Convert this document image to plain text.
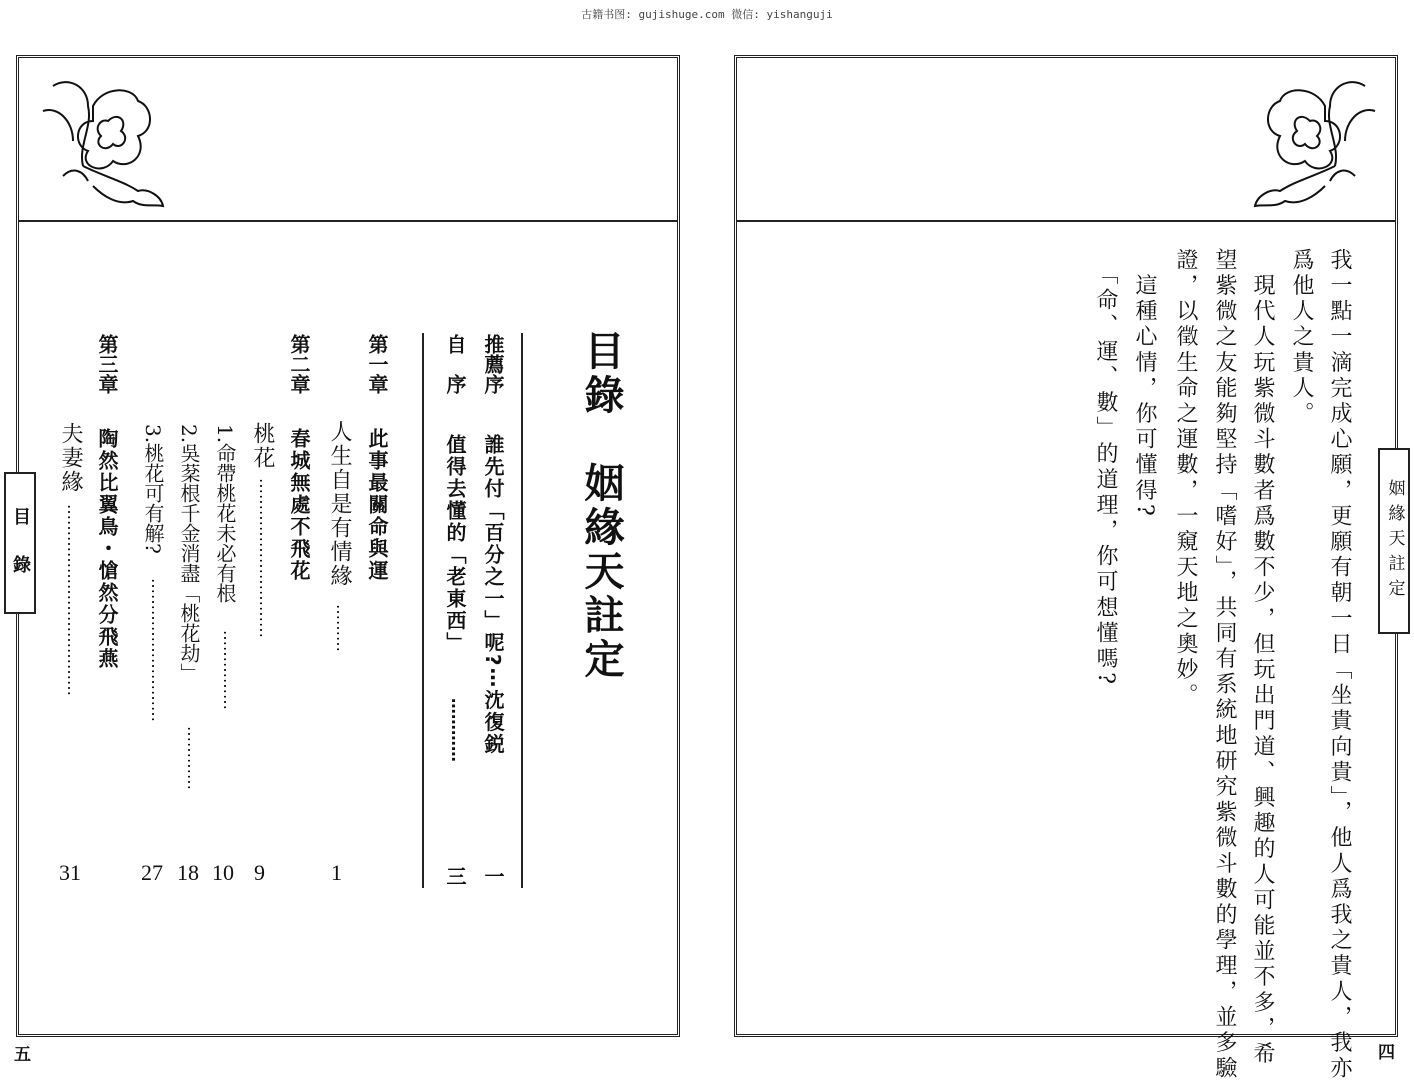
古籍书图: gujishuge.com 微信: yishanguji
目錄　姻緣天註定
推薦序
誰先付「百分之一」呢?⋯沈復鋭
一
自　序
值得去懂的「老東西」
⋯⋯⋯⋯
三
第一章
此事最關命與運
人生自是有情緣
⋯⋯⋯
1
第二章
春城無處不飛花
桃花
⋯⋯⋯⋯⋯⋯⋯⋯⋯⋯
9
1.命帶桃花未必有根
⋯⋯⋯⋯⋯
10
2.吳棻根千金消盡「桃花劫」
⋯⋯⋯⋯
18
3.桃花可有解?
⋯⋯⋯⋯⋯⋯⋯⋯⋯
27
第三章
陶然比翼鳥・愴然分飛燕
夫妻緣
⋯⋯⋯⋯⋯⋯⋯⋯⋯⋯⋯⋯
31
目　錄
五	我一點一滴完成心願，更願有朝一日「坐貴向貴」，他人爲我之貴人，我亦
爲他人之貴人。
　現代人玩紫微斗數者爲數不少，但玩出門道、興趣的人可能並不多，希
望紫微之友能夠堅持「嗜好」，共同有系統地研究紫微斗數的學理，並多驗
證，以徵生命之運數，一窺天地之奧妙。
　這種心情，你可懂得?
　「命、運、數」的道理，你可想懂嗎?	姻緣天註定
四
